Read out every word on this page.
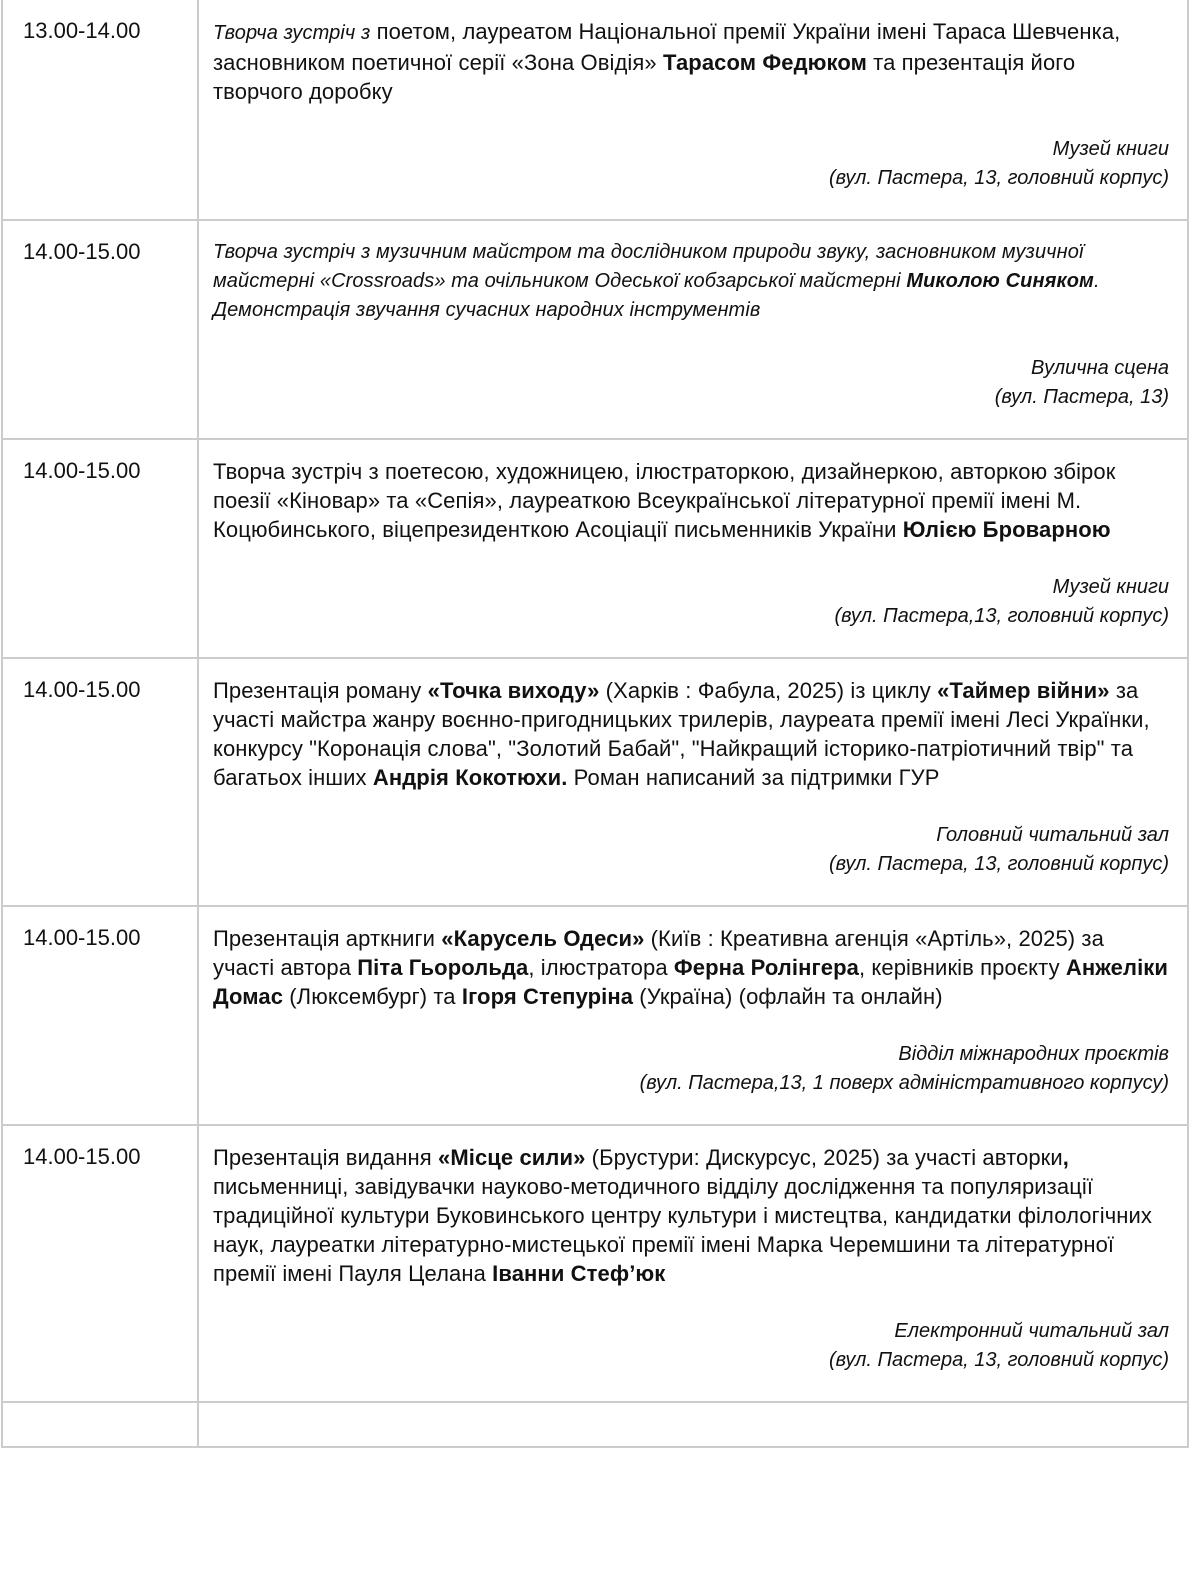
13.00-14.00	Творча зустріч з поетом, лауреатом Національної премії України імені Тараса Шевченка, засновником поетичної серії «Зона Овідія» Тарасом Федюком та презентація його творчого доробку

Музей книги
(вул. Пастера, 13, головний корпус)

14.00-15.00	Творча зустріч з музичним майстром та дослідником природи звуку, засновником музичної майстерні «Crossroads» та очільником Одеської кобзарської майстерні Миколою Синяком. Демонстрація звучання сучасних народних інструментів

Вулична сцена
(вул. Пастера, 13)

14.00-15.00	Творча зустріч з поетесою, художницею, ілюстраторкою, дизайнеркою, авторкою збірок поезії «Кіновар» та «Сепія», лауреаткою Всеукраїнської літературної премії імені М. Коцюбинського, віцепрезиденткою Асоціації письменників України Юлією Броварною

Музей книги
(вул. Пастера,13, головний корпус)

14.00-15.00	Презентація роману «Точка виходу» (Харків : Фабула, 2025) із циклу «Таймер війни» за участі майстра жанру воєнно-пригодницьких трилерів, лауреата премії імені Лесі Українки, конкурсу "Коронація слова", "Золотий Бабай", "Найкращий історико-патріотичний твір" та багатьох інших Андрія Кокотюхи. Роман написаний за підтримки ГУР

Головний читальний зал
(вул. Пастера, 13, головний корпус)

14.00-15.00	Презентація арткниги «Карусель Одеси» (Київ : Креативна агенція «Артіль», 2025) за участі автора Піта Гьорольда, ілюстратора Ферна Ролінгера, керівників проєкту Анжеліки Домас (Люксембург) та Ігоря Степуріна (Україна) (офлайн та онлайн)

Відділ міжнародних проєктів
(вул. Пастера,13, 1 поверх адміністративного корпусу)

14.00-15.00	Презентація видання «Місце сили» (Брустури: Дискурсус, 2025) за участі авторки, письменниці, завідувачки науково-методичного відділу дослідження та популяризації традиційної культури Буковинського центру культури і мистецтва, кандидатки філологічних наук, лауреатки літературно-мистецької премії імені Марка Черемшини та літературної премії імені Пауля Целана Іванни Стеф’юк

Електронний читальний зал
(вул. Пастера, 13, головний корпус)
